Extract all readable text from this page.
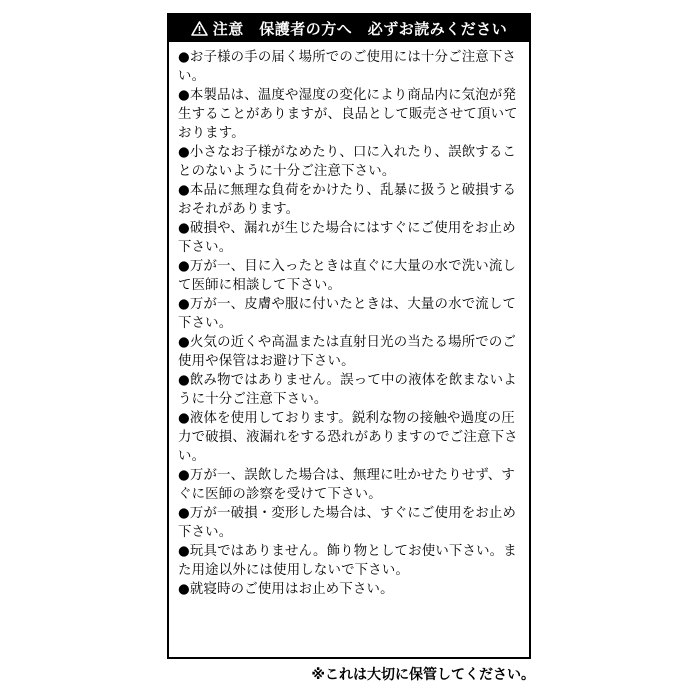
注意　保護者の方へ　必ずお読みください

●お子様の手の届く場所でのご使用には十分ご注意下さい。

●本製品は、温度や湿度の変化により商品内に気泡が発生することがありますが、良品として販売させて頂いております。

●小さなお子様がなめたり、口に入れたり、誤飲することのないように十分ご注意下さい。

●本品に無理な負荷をかけたり、乱暴に扱うと破損するおそれがあります。

●破損や、漏れが生じた場合にはすぐにご使用をお止め下さい。

●万が一、目に入ったときは直ぐに大量の水で洗い流して医師に相談して下さい。

●万が一、皮膚や服に付いたときは、大量の水で流して下さい。

●火気の近くや高温または直射日光の当たる場所でのご使用や保管はお避け下さい。

●飲み物ではありません。誤って中の液体を飲まないように十分ご注意下さい。

●液体を使用しております。鋭利な物の接触や過度の圧力で破損、液漏れをする恐れがありますのでご注意下さい。

●万が一、誤飲した場合は、無理に吐かせたりせず、すぐに医師の診察を受けて下さい。

●万が一破損・変形した場合は、すぐにご使用をお止め下さい。

●玩具ではありません。飾り物としてお使い下さい。また用途以外には使用しないで下さい。

●就寝時のご使用はお止め下さい。

※これは大切に保管してください。
